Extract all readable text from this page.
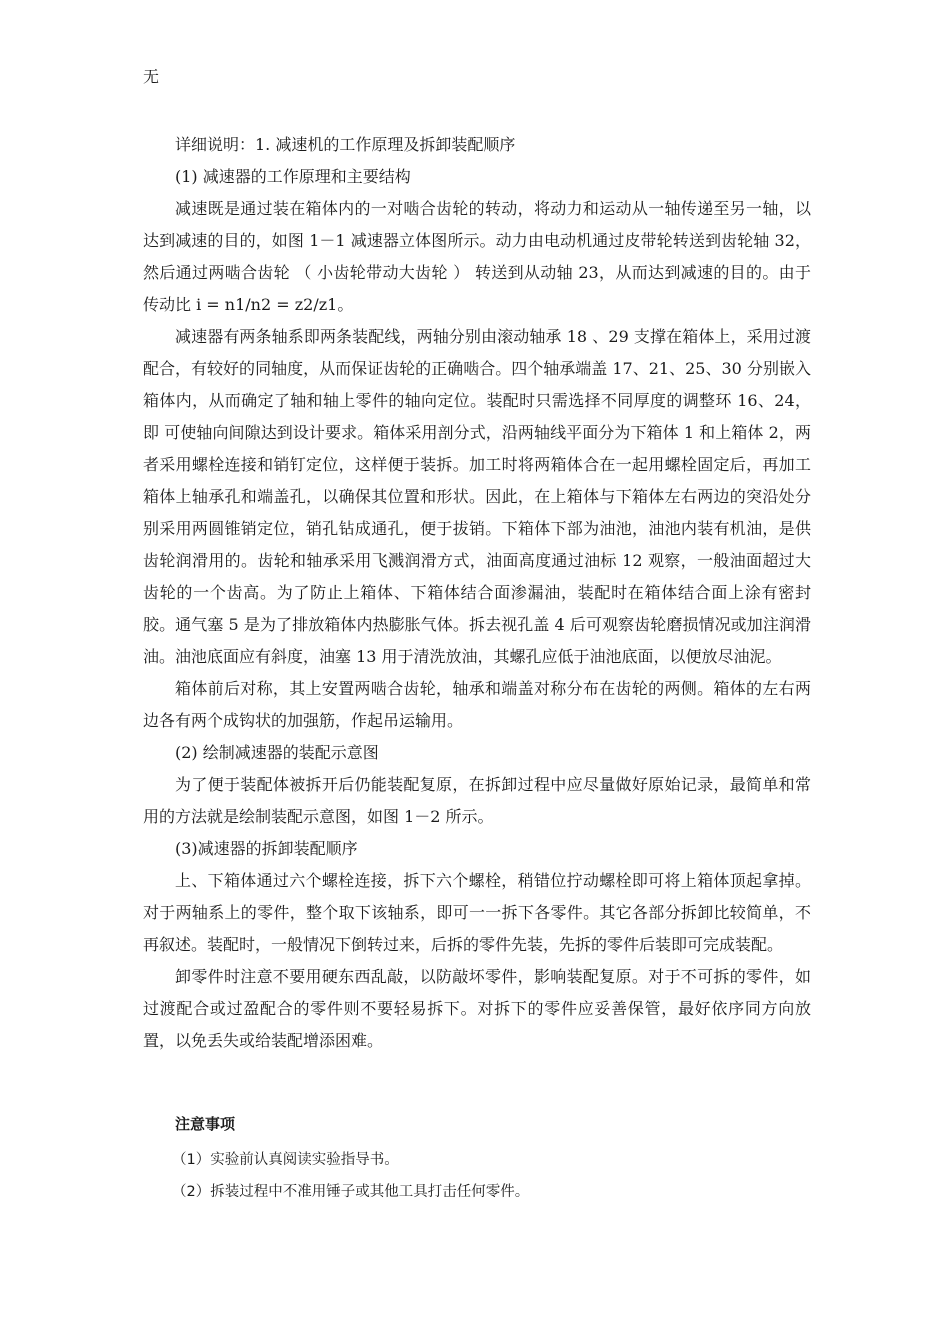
无

详细说明：1. 减速机的工作原理及拆卸装配顺序

(1) 减速器的工作原理和主要结构

减速既是通过装在箱体内的一对啮合齿轮的转动，将动力和运动从一轴传递至另一轴，以达到减速的目的，如图 1－1 减速器立体图所示。动力由电动机通过皮带轮转送到齿轮轴 32，然后通过两啮合齿轮 （ 小齿轮带动大齿轮 ） 转送到从动轴 23，从而达到减速的目的。由于传动比 i = n1/n2 = z2/z1。

减速器有两条轴系即两条装配线，两轴分别由滚动轴承 18 、29 支撑在箱体上，采用过渡配合，有较好的同轴度，从而保证齿轮的正确啮合。四个轴承端盖 17、21、25、30 分别嵌入箱体内，从而确定了轴和轴上零件的轴向定位。装配时只需选择不同厚度的调整环 16、24，即 可使轴向间隙达到设计要求。箱体采用剖分式，沿两轴线平面分为下箱体 1 和上箱体 2，两者采用螺栓连接和销钉定位，这样便于装拆。加工时将两箱体合在一起用螺栓固定后，再加工箱体上轴承孔和端盖孔，以确保其位置和形状。因此，在上箱体与下箱体左右两边的突沿处分别采用两圆锥销定位，销孔钻成通孔，便于拔销。下箱体下部为油池，油池内装有机油，是供齿轮润滑用的。齿轮和轴承采用飞溅润滑方式，油面高度通过油标 12 观察，一般油面超过大齿轮的一个齿高。为了防止上箱体、下箱体结合面渗漏油，装配时在箱体结合面上涂有密封胶。通气塞 5 是为了排放箱体内热膨胀气体。拆去视孔盖 4 后可观察齿轮磨损情况或加注润滑油。油池底面应有斜度，油塞 13 用于清洗放油，其螺孔应低于油池底面，以便放尽油泥。

箱体前后对称，其上安置两啮合齿轮，轴承和端盖对称分布在齿轮的两侧。箱体的左右两边各有两个成钩状的加强筋，作起吊运输用。

(2) 绘制减速器的装配示意图

为了便于装配体被拆开后仍能装配复原，在拆卸过程中应尽量做好原始记录，最简单和常用的方法就是绘制装配示意图，如图 1－2 所示。

(3)减速器的拆卸装配顺序

上、下箱体通过六个螺栓连接，拆下六个螺栓，稍错位拧动螺栓即可将上箱体顶起拿掉。对于两轴系上的零件，整个取下该轴系，即可一一拆下各零件。其它各部分拆卸比较简单，不再叙述。装配时，一般情况下倒转过来，后拆的零件先装，先拆的零件后装即可完成装配。

卸零件时注意不要用硬东西乱敲，以防敲坏零件，影响装配复原。对于不可拆的零件，如过渡配合或过盈配合的零件则不要轻易拆下。对拆下的零件应妥善保管，最好依序同方向放置，以免丢失或给装配增添困难。

注意事项

（1）实验前认真阅读实验指导书。

（2）拆装过程中不准用锤子或其他工具打击任何零件。
